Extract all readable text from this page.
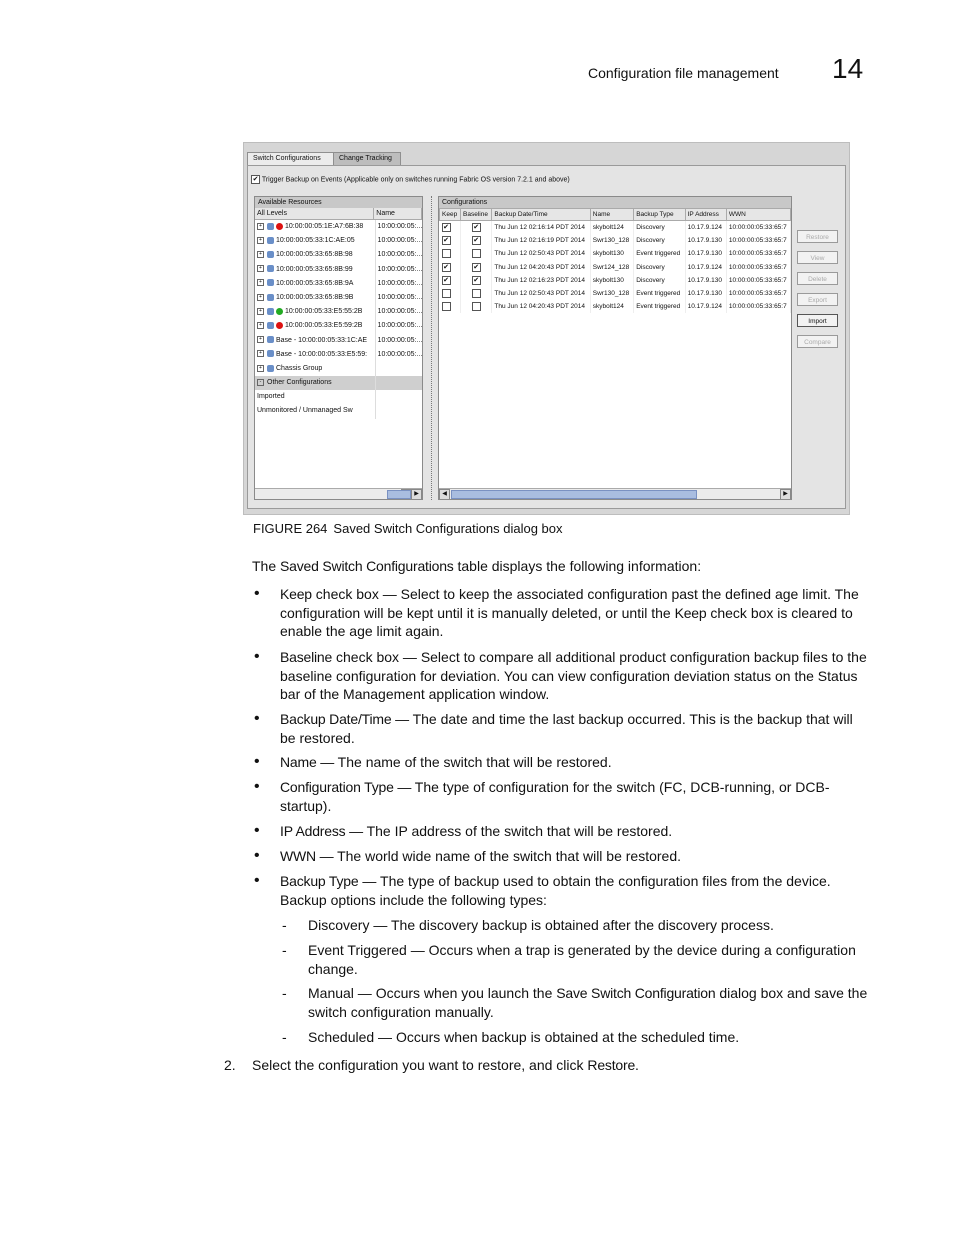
Configuration file management 14
Switch Configurations	Change Tracking
✔ Trigger Backup on Events (Applicable only on switches running Fabric OS version 7.2.1 and above)
Available Resources
All Levels	Name
+	10:00:00:05:1E:A7:6B:38	10:00:00:05:...
+ 10:00:00:05:33:1C:AE:05	10:00:00:05:...
+ 10:00:00:05:33:65:8B:98	10:00:00:05:...
+ 10:00:00:05:33:65:8B:99	10:00:00:05:...
+ 10:00:00:05:33:65:8B:9A	10:00:00:05:...
+ 10:00:00:05:33:65:8B:9B	10:00:00:05:...
+	10:00:00:05:33:E5:55:2B	10:00:00:05:...
+	10:00:00:05:33:E5:59:2B	10:00:00:05:...
+ Base - 10:00:00:05:33:1C:AE	10:00:00:05:...
+ Base - 10:00:00:05:33:E5:59:	10:00:00:05:...
+ Chassis Group
- Other Configurations
Imported
Unmonitored / Unmanaged Sw
▶
Configurations
Keep	Baseline	Backup Date/Time	Name	Backup Type	IP Address	WWN
✔	✔	Thu Jun 12 02:16:14 PDT 2014	skybolt124	Discovery	10.17.9.124	10:00:00:05:33:65:7
✔	✔	Thu Jun 12 02:16:19 PDT 2014	Swr130_128	Discovery	10.17.9.130	10:00:00:05:33:65:7
		Thu Jun 12 02:50:43 PDT 2014	skybolt130	Event triggered	10.17.9.130	10:00:00:05:33:65:7
✔	✔	Thu Jun 12 04:20:43 PDT 2014	Swr124_128	Discovery	10.17.9.124	10:00:00:05:33:65:7
✔	✔	Thu Jun 12 02:16:23 PDT 2014	skybolt130	Discovery	10.17.9.130	10:00:00:05:33:65:7
		Thu Jun 12 02:50:43 PDT 2014	Swr130_128	Event triggered	10.17.9.130	10:00:00:05:33:65:7
		Thu Jun 12 04:20:43 PDT 2014	skybolt124	Event triggered	10.17.9.124	10:00:00:05:33:65:7
◀	▶
Restore
View
Delete
Export
Import
Compare
FIGURE 264 Saved Switch Configurations dialog box
The Saved Switch Configurations table displays the following information:
• Keep check box — Select to keep the associated configuration past the defined age limit. The configuration will be kept until it is manually deleted, or until the Keep check box is cleared to enable the age limit again.
• Baseline check box — Select to compare all additional product configuration backup files to the baseline configuration for deviation. You can view configuration deviation status on the Status bar of the Management application window.
• Backup Date/Time — The date and time the last backup occurred. This is the backup that will be restored.
• Name — The name of the switch that will be restored.
• Configuration Type — The type of configuration for the switch (FC, DCB-running, or DCB-startup).
• IP Address — The IP address of the switch that will be restored.
• WWN — The world wide name of the switch that will be restored.
• Backup Type — The type of backup used to obtain the configuration files from the device. Backup options include the following types:
- Discovery — The discovery backup is obtained after the discovery process.
- Event Triggered — Occurs when a trap is generated by the device during a configuration change.
- Manual — Occurs when you launch the Save Switch Configuration dialog box and save the switch configuration manually.
- Scheduled — Occurs when backup is obtained at the scheduled time.
2. Select the configuration you want to restore, and click Restore.
